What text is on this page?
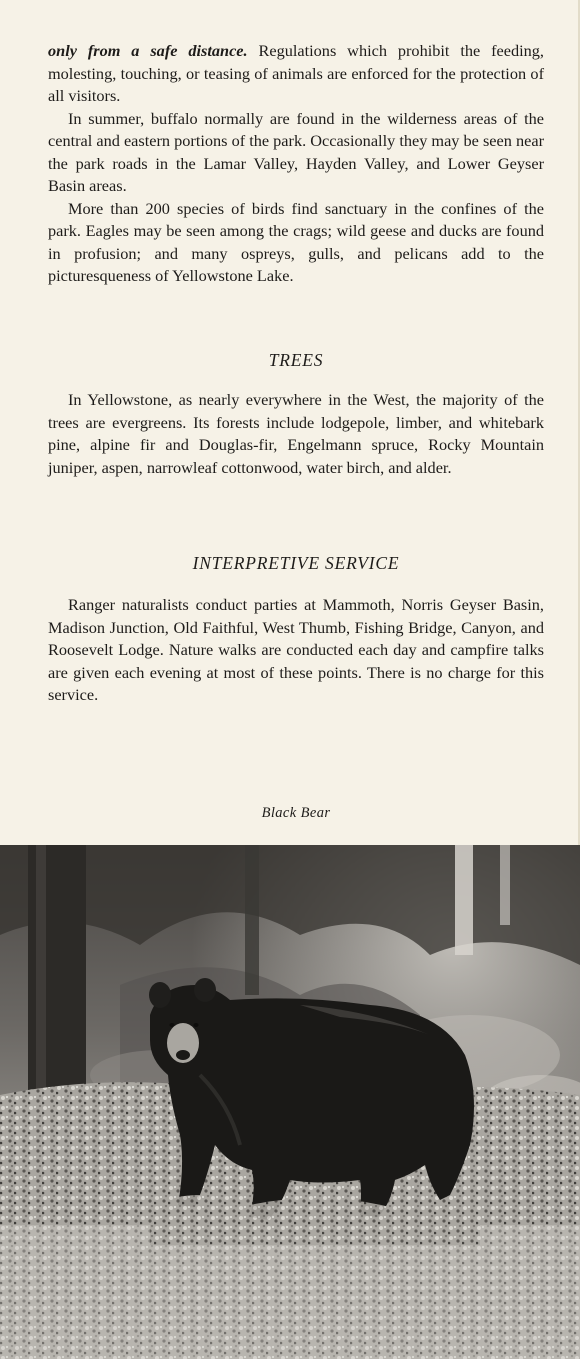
only from a safe distance. Regulations which prohibit the feeding, molesting, touching, or teasing of animals are enforced for the protection of all visitors.

In summer, buffalo normally are found in the wilderness areas of the central and eastern portions of the park. Occasionally they may be seen near the park roads in the Lamar Valley, Hayden Valley, and Lower Geyser Basin areas.

More than 200 species of birds find sanctuary in the confines of the park. Eagles may be seen among the crags; wild geese and ducks are found in profusion; and many ospreys, gulls, and pelicans add to the picturesqueness of Yellowstone Lake.

TREES

In Yellowstone, as nearly everywhere in the West, the majority of the trees are evergreens. Its forests include lodgepole, limber, and whitebark pine, alpine fir and Douglas-fir, Engelmann spruce, Rocky Mountain juniper, aspen, narrowleaf cottonwood, water birch, and alder.

INTERPRETIVE SERVICE

Ranger naturalists conduct parties at Mammoth, Norris Geyser Basin, Madison Junction, Old Faithful, West Thumb, Fishing Bridge, Canyon, and Roosevelt Lodge. Nature walks are conducted each day and campfire talks are given each evening at most of these points. There is no charge for this service.

Black Bear
